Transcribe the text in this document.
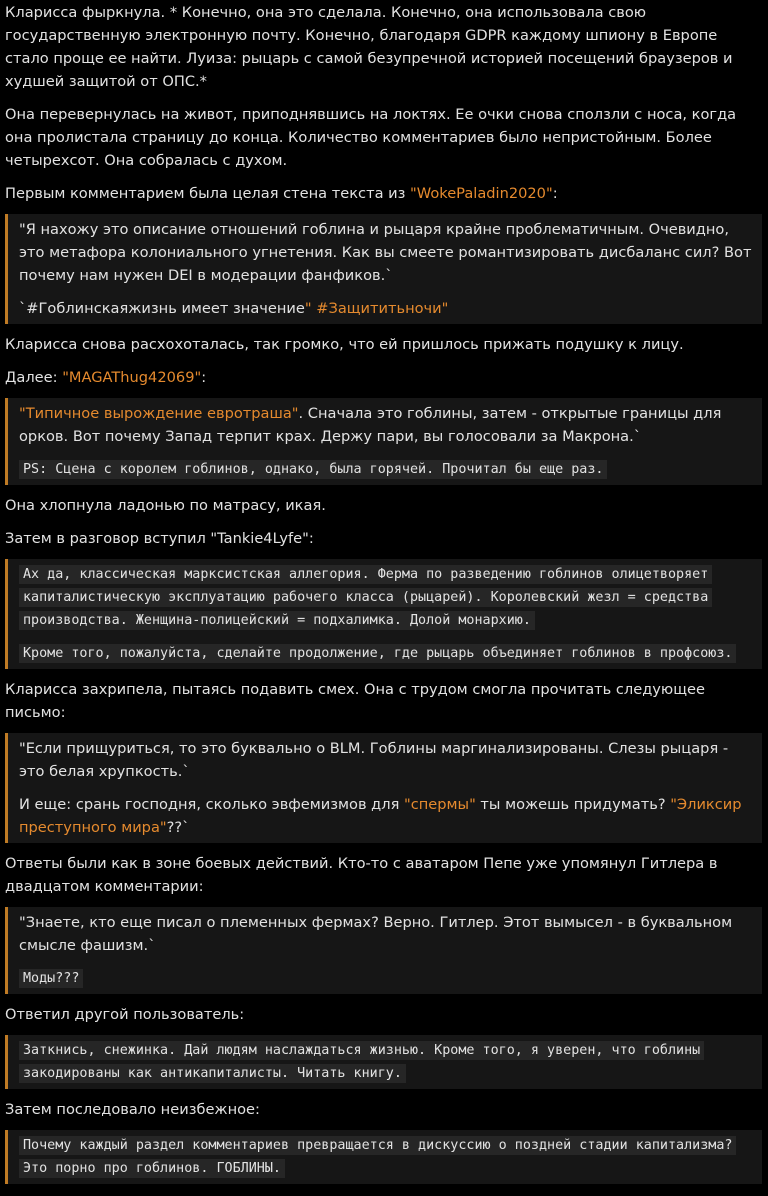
Кларисса фыркнула. * Конечно, она это сделала. Конечно, она использовала свою государственную электронную почту. Конечно, благодаря GDPR каждому шпиону в Европе стало проще ее найти. Луиза: рыцарь с самой безупречной историей посещений браузеров и худшей защитой от ОПС.*

Она перевернулась на живот, приподнявшись на локтях. Ее очки снова сползли с носа, когда она пролистала страницу до конца. Количество комментариев было непристойным. Более четырехсот. Она собралась с духом.

Первым комментарием была целая стена текста из "WokePaladin2020":

"Я нахожу это описание отношений гоблина и рыцаря крайне проблематичным. Очевидно, это метафора колониального угнетения. Как вы смеете романтизировать дисбаланс сил? Вот почему нам нужен DEI в модерации фанфиков.`

`#Гоблинскаяжизнь имеет значение" #Защититьночи"

Кларисса снова расхохоталась, так громко, что ей пришлось прижать подушку к лицу.

Далее: "MAGAThug42069":

"Типичное вырождение евротраша". Сначала это гоблины, затем - открытые границы для орков. Вот почему Запад терпит крах. Держу пари, вы голосовали за Макрона.`

PS: Сцена с королем гоблинов, однако, была горячей. Прочитал бы еще раз.

Она хлопнула ладонью по матрасу, икая.

Затем в разговор вступил "Tankie4Lyfe":

Ах да, классическая марксистская аллегория. Ферма по разведению гоблинов олицетворяет капиталистическую эксплуатацию рабочего класса (рыцарей). Королевский жезл = средства производства. Женщина-полицейский = подхалимка. Долой монархию.

Кроме того, пожалуйста, сделайте продолжение, где рыцарь объединяет гоблинов в профсоюз.

Кларисса захрипела, пытаясь подавить смех. Она с трудом смогла прочитать следующее письмо:

"Если прищуриться, то это буквально о BLM. Гоблины маргинализированы. Слезы рыцаря - это белая хрупкость.`

И еще: срань господня, сколько эвфемизмов для "спермы" ты можешь придумать? "Эликсир преступного мира"??`

Ответы были как в зоне боевых действий. Кто-то с аватаром Пепе уже упомянул Гитлера в двадцатом комментарии:

"Знаете, кто еще писал о племенных фермах? Верно. Гитлер. Этот вымысел - в буквальном смысле фашизм.`

Моды???

Ответил другой пользователь:

Заткнись, снежинка. Дай людям наслаждаться жизнью. Кроме того, я уверен, что гоблины закодированы как антикапиталисты. Читать книгу.

Затем последовало неизбежное:

Почему каждый раздел комментариев превращается в дискуссию о поздней стадии капитализма? Это порно про гоблинов. ГОБЛИНЫ.
